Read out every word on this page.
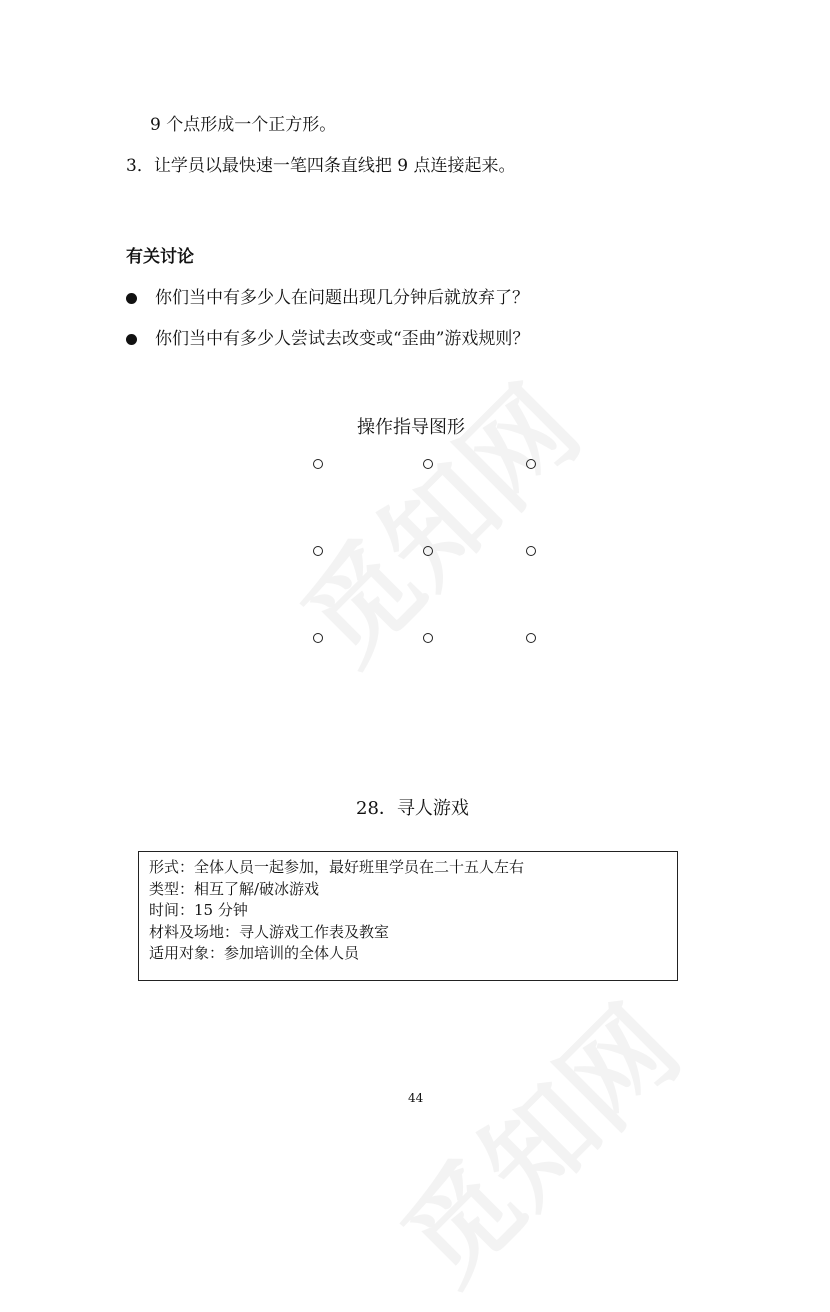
9 个点形成一个正方形。
3．让学员以最快速一笔四条直线把 9 点连接起来。
有关讨论
你们当中有多少人在问题出现几分钟后就放弃了？
你们当中有多少人尝试去改变或“歪曲”游戏规则？
操作指导图形
28．寻人游戏
形式：全体人员一起参加，最好班里学员在二十五人左右
类型：相互了解/破冰游戏
时间：15 分钟
材料及场地：寻人游戏工作表及教室
适用对象：参加培训的全体人员
44
